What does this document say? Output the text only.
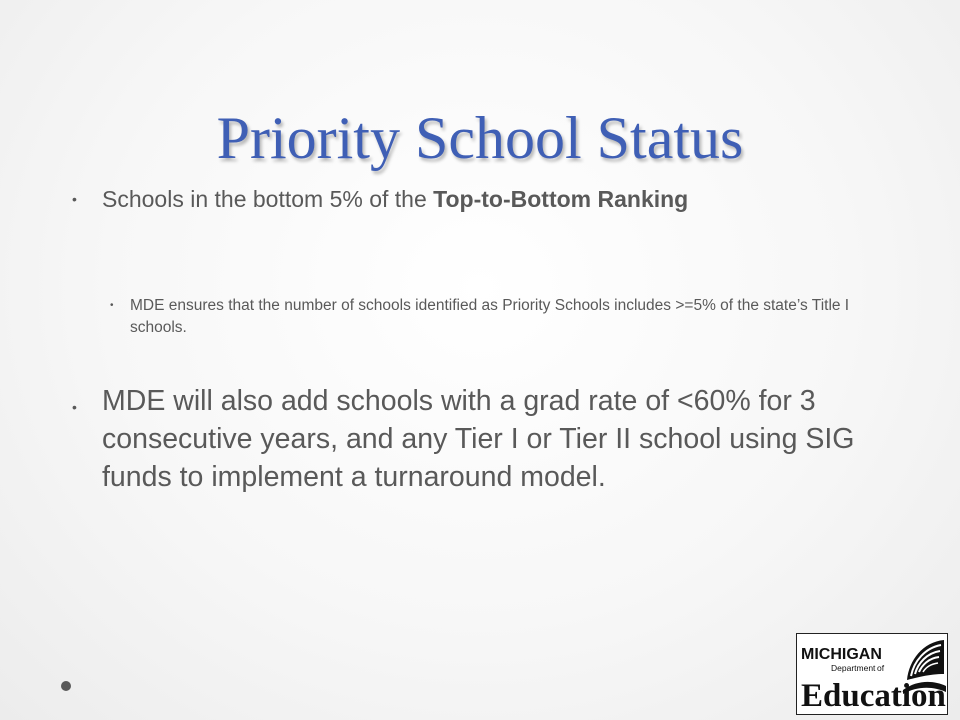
Priority School Status
• Schools in the bottom 5% of the Top-to-Bottom Ranking
• MDE ensures that the number of schools identified as Priority Schools includes >=5% of the state’s Title I schools.
• MDE will also add schools with a grad rate of <60% for 3 consecutive years, and any Tier I or Tier II school using SIG funds to implement a turnaround model.
MICHIGAN
Department of
Education
